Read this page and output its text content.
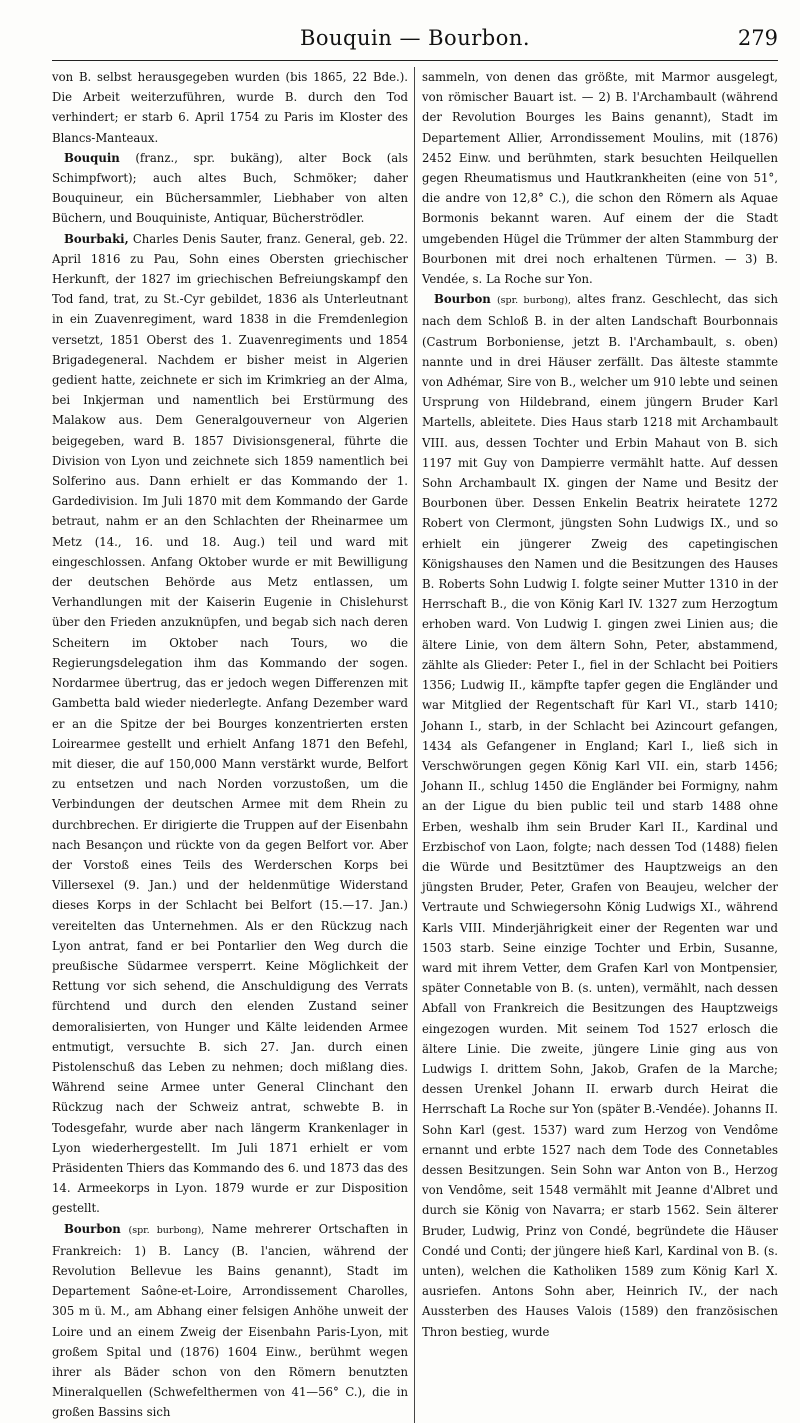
Bouquin — Bourbon.	279

von B. selbst herausgegeben wurden (bis 1865, 22 Bde.). Die Arbeit weiterzuführen, wurde B. durch den Tod verhindert; er starb 6. April 1754 zu Paris im Kloster des Blancs-Manteaux.

Bouquin (franz., spr. bukäng), alter Bock (als Schimpfwort); auch altes Buch, Schmöker; daher Bouquineur, ein Büchersammler, Liebhaber von alten Büchern, und Bouquiniste, Antiquar, Bücherströdler.

Bourbaki, Charles Denis Sauter, franz. General, geb. 22. April 1816 zu Pau, Sohn eines Obersten griechischer Herkunft, der 1827 im griechischen Befreiungskampf den Tod fand, trat, zu St.-Cyr gebildet, 1836 als Unterleutnant in ein Zuavenregiment, ward 1838 in die Fremdenlegion versetzt, 1851 Oberst des 1. Zuavenregiments und 1854 Brigadegeneral. Nachdem er bisher meist in Algerien gedient hatte, zeichnete er sich im Krimkrieg an der Alma, bei Inkjerman und namentlich bei Erstürmung des Malakow aus. Dem Generalgouverneur von Algerien beigegeben, ward B. 1857 Divisionsgeneral, führte die Division von Lyon und zeichnete sich 1859 namentlich bei Solferino aus. Dann erhielt er das Kommando der 1. Gardedivision. Im Juli 1870 mit dem Kommando der Garde betraut, nahm er an den Schlachten der Rheinarmee um Metz (14., 16. und 18. Aug.) teil und ward mit eingeschlossen. Anfang Oktober wurde er mit Bewilligung der deutschen Behörde aus Metz entlassen, um Verhandlungen mit der Kaiserin Eugenie in Chislehurst über den Frieden anzuknüpfen, und begab sich nach deren Scheitern im Oktober nach Tours, wo die Regierungsdelegation ihm das Kommando der sogen. Nordarmee übertrug, das er jedoch wegen Differenzen mit Gambetta bald wieder niederlegte. Anfang Dezember ward er an die Spitze der bei Bourges konzentrierten ersten Loirearmee gestellt und erhielt Anfang 1871 den Befehl, mit dieser, die auf 150,000 Mann verstärkt wurde, Belfort zu entsetzen und nach Norden vorzustoßen, um die Verbindungen der deutschen Armee mit dem Rhein zu durchbrechen. Er dirigierte die Truppen auf der Eisenbahn nach Besançon und rückte von da gegen Belfort vor. Aber der Vorstoß eines Teils des Werderschen Korps bei Villersexel (9. Jan.) und der heldenmütige Widerstand dieses Korps in der Schlacht bei Belfort (15.—17. Jan.) vereitelten das Unternehmen. Als er den Rückzug nach Lyon antrat, fand er bei Pontarlier den Weg durch die preußische Südarmee versperrt. Keine Möglichkeit der Rettung vor sich sehend, die Anschuldigung des Verrats fürchtend und durch den elenden Zustand seiner demoralisierten, von Hunger und Kälte leidenden Armee entmutigt, versuchte B. sich 27. Jan. durch einen Pistolenschuß das Leben zu nehmen; doch mißlang dies. Während seine Armee unter General Clinchant den Rückzug nach der Schweiz antrat, schwebte B. in Todesgefahr, wurde aber nach längerm Krankenlager in Lyon wiederhergestellt. Im Juli 1871 erhielt er vom Präsidenten Thiers das Kommando des 6. und 1873 das des 14. Armeekorps in Lyon. 1879 wurde er zur Disposition gestellt.

Bourbon (spr. burbong), Name mehrerer Ortschaften in Frankreich: 1) B. Lancy (B. l'ancien, während der Revolution Bellevue les Bains genannt), Stadt im Departement Saône-et-Loire, Arrondissement Charolles, 305 m ü. M., am Abhang einer felsigen Anhöhe unweit der Loire und an einem Zweig der Eisenbahn Paris-Lyon, mit großem Spital und (1876) 1604 Einw., berühmt wegen ihrer als Bäder schon von den Römern benutzten Mineralquellen (Schwefelthermen von 41—56° C.), die in großen Bassins sich

sammeln, von denen das größte, mit Marmor ausgelegt, von römischer Bauart ist. — 2) B. l'Archambault (während der Revolution Bourges les Bains genannt), Stadt im Departement Allier, Arrondissement Moulins, mit (1876) 2452 Einw. und berühmten, stark besuchten Heilquellen gegen Rheumatismus und Hautkrankheiten (eine von 51°, die andre von 12,8° C.), die schon den Römern als Aquae Bormonis bekannt waren. Auf einem der die Stadt umgebenden Hügel die Trümmer der alten Stammburg der Bourbonen mit drei noch erhaltenen Türmen. — 3) B. Vendée, s. La Roche sur Yon.

Bourbon (spr. burbong), altes franz. Geschlecht, das sich nach dem Schloß B. in der alten Landschaft Bourbonnais (Castrum Borboniense, jetzt B. l'Archambault, s. oben) nannte und in drei Häuser zerfällt. Das älteste stammte von Adhémar, Sire von B., welcher um 910 lebte und seinen Ursprung von Hildebrand, einem jüngern Bruder Karl Martells, ableitete. Dies Haus starb 1218 mit Archambault VIII. aus, dessen Tochter und Erbin Mahaut von B. sich 1197 mit Guy von Dampierre vermählt hatte. Auf dessen Sohn Archambault IX. gingen der Name und Besitz der Bourbonen über. Dessen Enkelin Beatrix heiratete 1272 Robert von Clermont, jüngsten Sohn Ludwigs IX., und so erhielt ein jüngerer Zweig des capetingischen Königshauses den Namen und die Besitzungen des Hauses B. Roberts Sohn Ludwig I. folgte seiner Mutter 1310 in der Herrschaft B., die von König Karl IV. 1327 zum Herzogtum erhoben ward. Von Ludwig I. gingen zwei Linien aus; die ältere Linie, von dem ältern Sohn, Peter, abstammend, zählte als Glieder: Peter I., fiel in der Schlacht bei Poitiers 1356; Ludwig II., kämpfte tapfer gegen die Engländer und war Mitglied der Regentschaft für Karl VI., starb 1410; Johann I., starb, in der Schlacht bei Azincourt gefangen, 1434 als Gefangener in England; Karl I., ließ sich in Verschwörungen gegen König Karl VII. ein, starb 1456; Johann II., schlug 1450 die Engländer bei Formigny, nahm an der Ligue du bien public teil und starb 1488 ohne Erben, weshalb ihm sein Bruder Karl II., Kardinal und Erzbischof von Laon, folgte; nach dessen Tod (1488) fielen die Würde und Besitztümer des Hauptzweigs an den jüngsten Bruder, Peter, Grafen von Beaujeu, welcher der Vertraute und Schwiegersohn König Ludwigs XI., während Karls VIII. Minderjährigkeit einer der Regenten war und 1503 starb. Seine einzige Tochter und Erbin, Susanne, ward mit ihrem Vetter, dem Grafen Karl von Montpensier, später Connetable von B. (s. unten), vermählt, nach dessen Abfall von Frankreich die Besitzungen des Hauptzweigs eingezogen wurden. Mit seinem Tod 1527 erlosch die ältere Linie. Die zweite, jüngere Linie ging aus von Ludwigs I. drittem Sohn, Jakob, Grafen de la Marche; dessen Urenkel Johann II. erwarb durch Heirat die Herrschaft La Roche sur Yon (später B.-Vendée). Johanns II. Sohn Karl (gest. 1537) ward zum Herzog von Vendôme ernannt und erbte 1527 nach dem Tode des Connetables dessen Besitzungen. Sein Sohn war Anton von B., Herzog von Vendôme, seit 1548 vermählt mit Jeanne d'Albret und durch sie König von Navarra; er starb 1562. Sein älterer Bruder, Ludwig, Prinz von Condé, begründete die Häuser Condé und Conti; der jüngere hieß Karl, Kardinal von B. (s. unten), welchen die Katholiken 1589 zum König Karl X. ausriefen. Antons Sohn aber, Heinrich IV., der nach Aussterben des Hauses Valois (1589) den französischen Thron bestieg, wurde
